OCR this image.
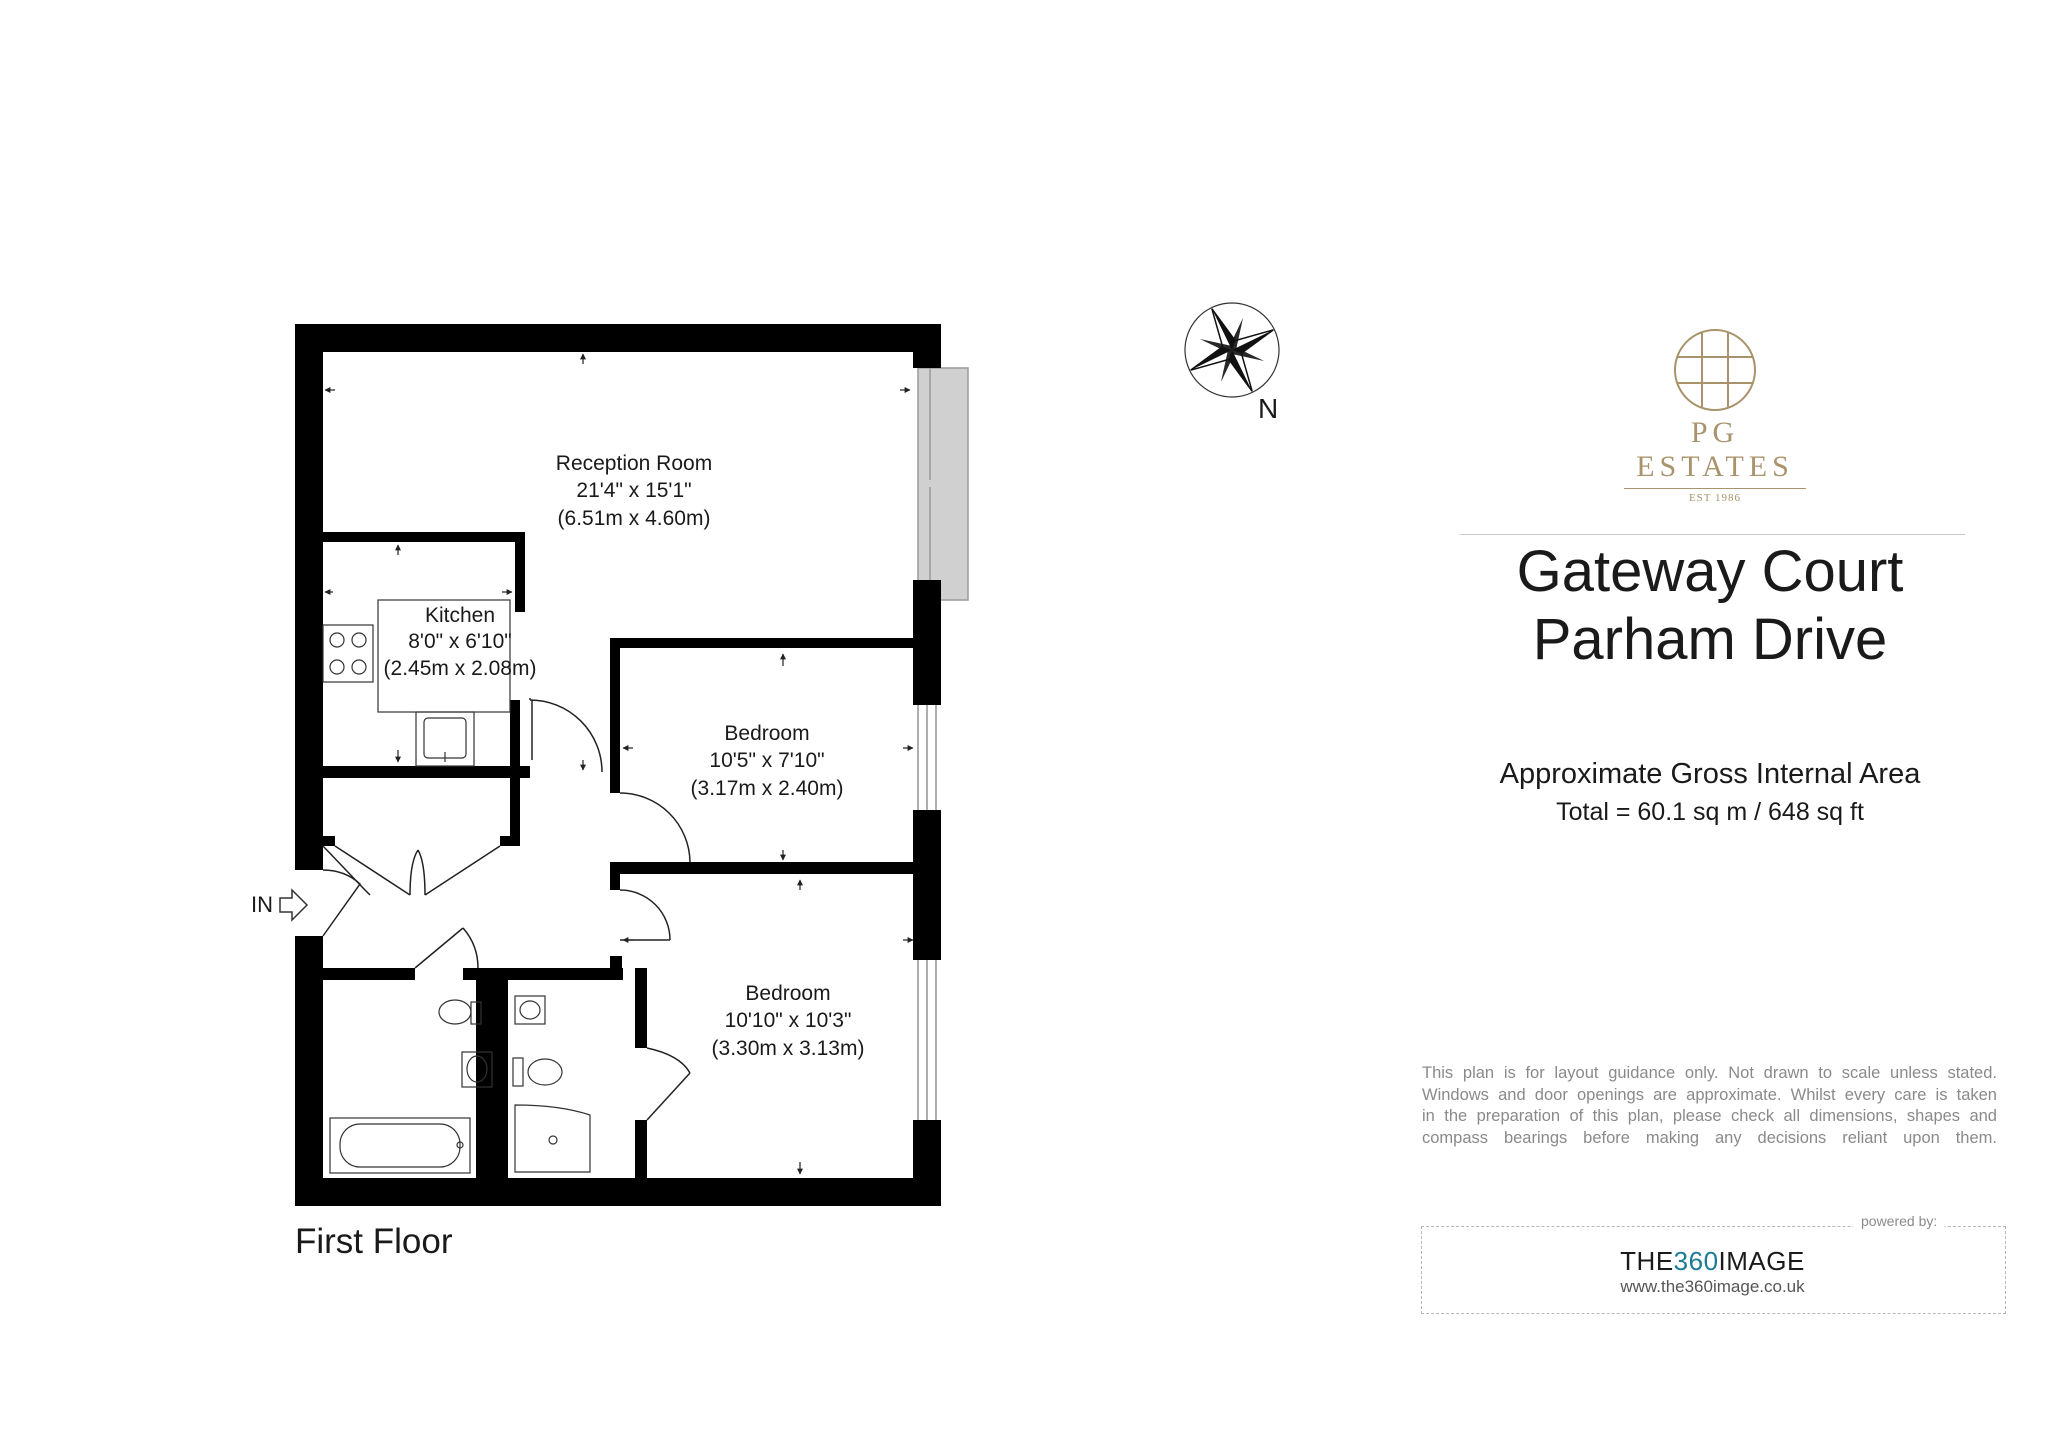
IN
Reception Room
21'4" x 15'1"
(6.51m x 4.60m)
Kitchen
8'0" x 6'10"
(2.45m x 2.08m)
Bedroom
10'5" x 7'10"
(3.17m x 2.40m)
Bedroom
10'10" x 10'3"
(3.30m x 3.13m)
N
First Floor
PG ESTATES
EST 1986
Gateway Court
Parham Drive
Approximate Gross Internal Area
Total = 60.1 sq m / 648 sq ft
This plan is for layout guidance only. Not drawn to scale unless stated.
Windows and door openings are approximate. Whilst every care is taken
in the preparation of this plan, please check all dimensions, shapes and
compass bearings before making any decisions reliant upon them.
powered by:
THE360IMAGE
www.the360image.co.uk
